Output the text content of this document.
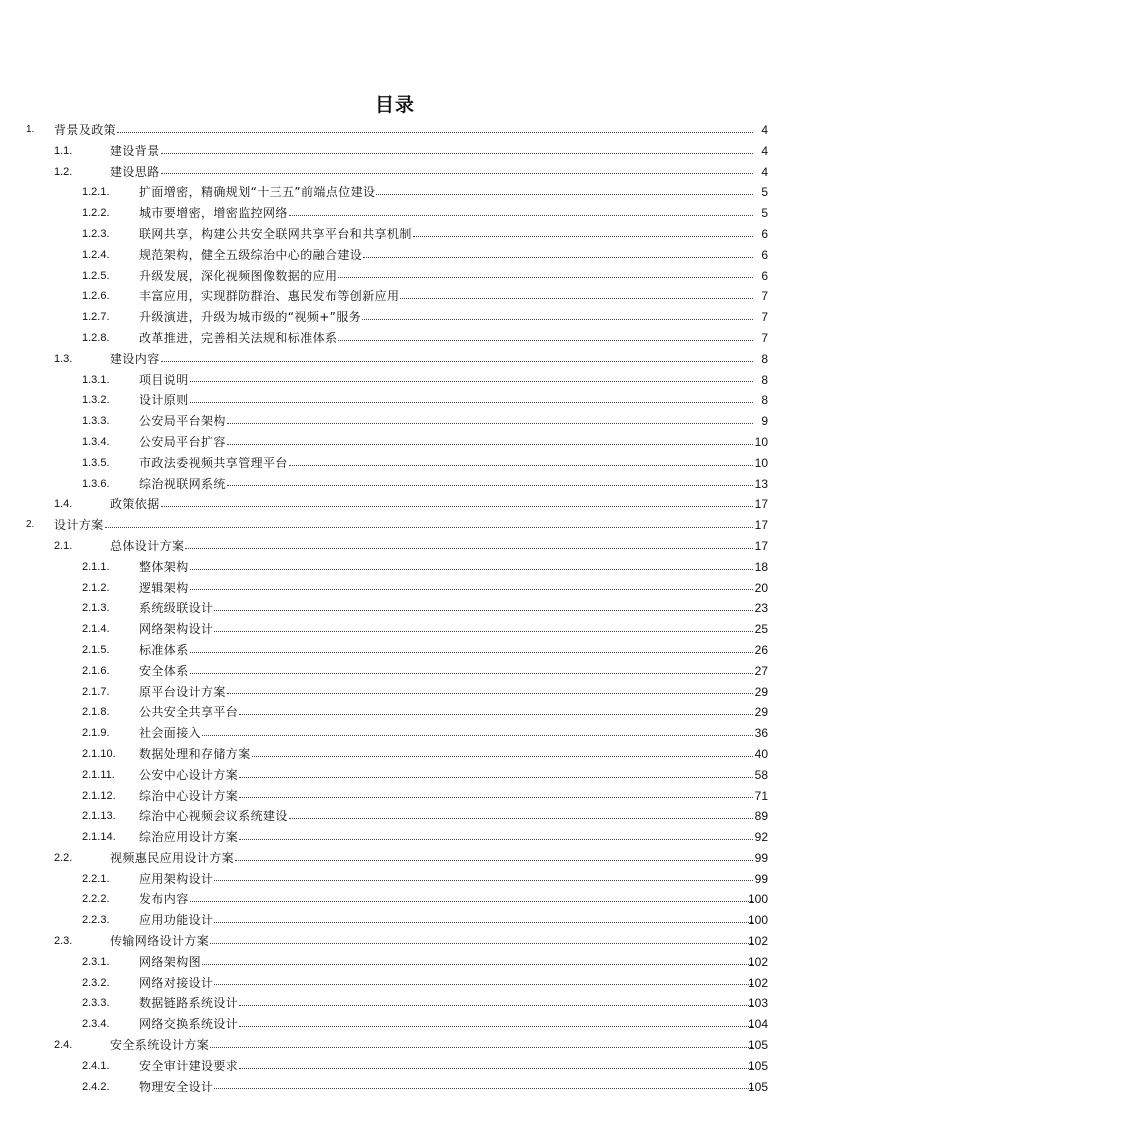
目录
1. 背景及政策	4
1.1.	建设背景	4
1.2.	建设思路	4
1.2.1. 扩面增密，精确规划“十三五”前端点位建设	5
1.2.2. 城市要增密，增密监控网络	5
1.2.3. 联网共享，构建公共安全联网共享平台和共享机制	6
1.2.4. 规范架构，健全五级综治中心的融合建设	6
1.2.5. 升级发展，深化视频图像数据的应用	6
1.2.6. 丰富应用，实现群防群治、惠民发布等创新应用	7
1.2.7. 升级演进，升级为城市级的“视频+”服务	7
1.2.8. 改革推进，完善相关法规和标准体系	7
1.3.	建设内容	8
1.3.1. 项目说明	8
1.3.2. 设计原则	8
1.3.3. 公安局平台架构	9
1.3.4. 公安局平台扩容	10
1.3.5. 市政法委视频共享管理平台	10
1.3.6. 综治视联网系统	13
1.4.	政策依据	17
2. 设计方案	17
2.1.	总体设计方案	17
2.1.1. 整体架构	18
2.1.2. 逻辑架构	20
2.1.3. 系统级联设计	23
2.1.4. 网络架构设计	25
2.1.5. 标准体系	26
2.1.6. 安全体系	27
2.1.7. 原平台设计方案	29
2.1.8. 公共安全共享平台	29
2.1.9. 社会面接入	36
2.1.10. 数据处理和存储方案	40
2.1.11. 公安中心设计方案	58
2.1.12. 综治中心设计方案	71
2.1.13. 综治中心视频会议系统建设	89
2.1.14. 综治应用设计方案	92
2.2.	视频惠民应用设计方案	99
2.2.1. 应用架构设计	99
2.2.2. 发布内容	100
2.2.3. 应用功能设计	100
2.3.	传输网络设计方案	102
2.3.1. 网络架构图	102
2.3.2. 网络对接设计	102
2.3.3. 数据链路系统设计	103
2.3.4. 网络交换系统设计	104
2.4.	安全系统设计方案	105
2.4.1. 安全审计建设要求	105
2.4.2. 物理安全设计	105
